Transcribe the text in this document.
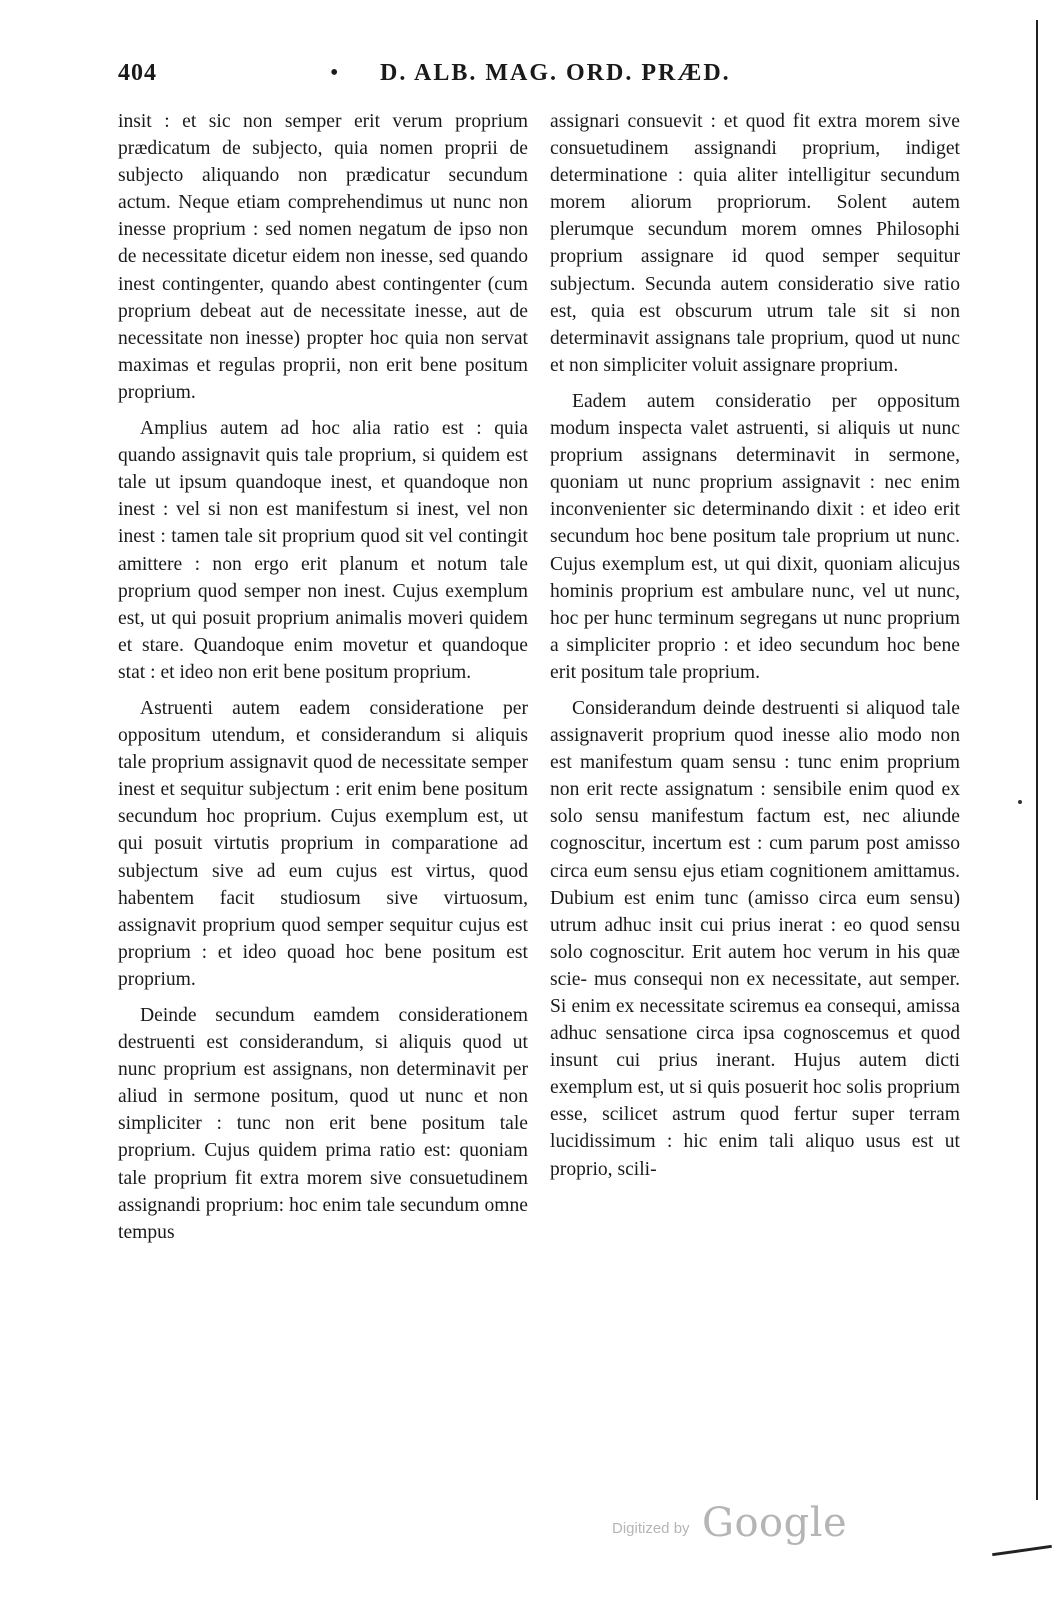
404	• D. ALB. MAG. ORD. PRÆD.

insit : et sic non semper erit verum proprium prædicatum de subjecto, quia nomen proprii de subjecto aliquando non prædicatur secundum actum. Neque etiam comprehendimus ut nunc non inesse proprium : sed nomen negatum de ipso non de necessitate dicetur eidem non inesse, sed quando inest contingenter, quando abest contingenter (cum proprium debeat aut de necessitate inesse, aut de necessitate non inesse) propter hoc quia non servat maximas et regulas proprii, non erit bene positum proprium.

Amplius autem ad hoc alia ratio est : quia quando assignavit quis tale proprium, si quidem est tale ut ipsum quandoque inest, et quandoque non inest : vel si non est manifestum si inest, vel non inest : tamen tale sit proprium quod sit vel contingit amittere : non ergo erit planum et notum tale proprium quod semper non inest. Cujus exemplum est, ut qui posuit proprium animalis moveri quidem et stare. Quandoque enim movetur et quandoque stat : et ideo non erit bene positum proprium.

Astruenti autem eadem consideratione per oppositum utendum, et considerandum si aliquis tale proprium assignavit quod de necessitate semper inest et sequitur subjectum : erit enim bene positum secundum hoc proprium. Cujus exemplum est, ut qui posuit virtutis proprium in comparatione ad subjectum sive ad eum cujus est virtus, quod habentem facit studiosum sive virtuosum, assignavit proprium quod semper sequitur cujus est proprium : et ideo quoad hoc bene positum est proprium.

Deinde secundum eamdem considerationem destruenti est considerandum, si aliquis quod ut nunc proprium est assignans, non determinavit per aliud in sermone positum, quod ut nunc et non simpliciter : tunc non erit bene positum tale proprium. Cujus quidem prima ratio est: quoniam tale proprium fit extra morem sive consuetudinem assignandi proprium: hoc enim tale secundum omne tempus

assignari consuevit : et quod fit extra morem sive consuetudinem assignandi proprium, indiget determinatione : quia aliter intelligitur secundum morem aliorum propriorum. Solent autem plerumque secundum morem omnes Philosophi proprium assignare id quod semper sequitur subjectum. Secunda autem consideratio sive ratio est, quia est obscurum utrum tale sit si non determinavit assignans tale proprium, quod ut nunc et non simpliciter voluit assignare proprium.

Eadem autem consideratio per oppositum modum inspecta valet astruenti, si aliquis ut nunc proprium assignans determinavit in sermone, quoniam ut nunc proprium assignavit : nec enim inconvenienter sic determinando dixit : et ideo erit secundum hoc bene positum tale proprium ut nunc. Cujus exemplum est, ut qui dixit, quoniam alicujus hominis proprium est ambulare nunc, vel ut nunc, hoc per hunc terminum segregans ut nunc proprium a simpliciter proprio : et ideo secundum hoc bene erit positum tale proprium.

Considerandum deinde destruenti si aliquod tale assignaverit proprium quod inesse alio modo non est manifestum quam sensu : tunc enim proprium non erit recte assignatum : sensibile enim quod ex solo sensu manifestum factum est, nec aliunde cognoscitur, incertum est : cum parum post amisso circa eum sensu ejus etiam cognitionem amittamus. Dubium est enim tunc (amisso circa eum sensu) utrum adhuc insit cui prius inerat : eo quod sensu solo cognoscitur. Erit autem hoc verum in his quæ scie- mus consequi non ex necessitate, aut semper. Si enim ex necessitate sciremus ea consequi, amissa adhuc sensatione circa ipsa cognoscemus et quod insunt cui prius inerant. Hujus autem dicti exemplum est, ut si quis posuerit hoc solis proprium esse, scilicet astrum quod fertur super terram lucidissimum : hic enim tali aliquo usus est ut proprio, scili-

Digitized by Google
